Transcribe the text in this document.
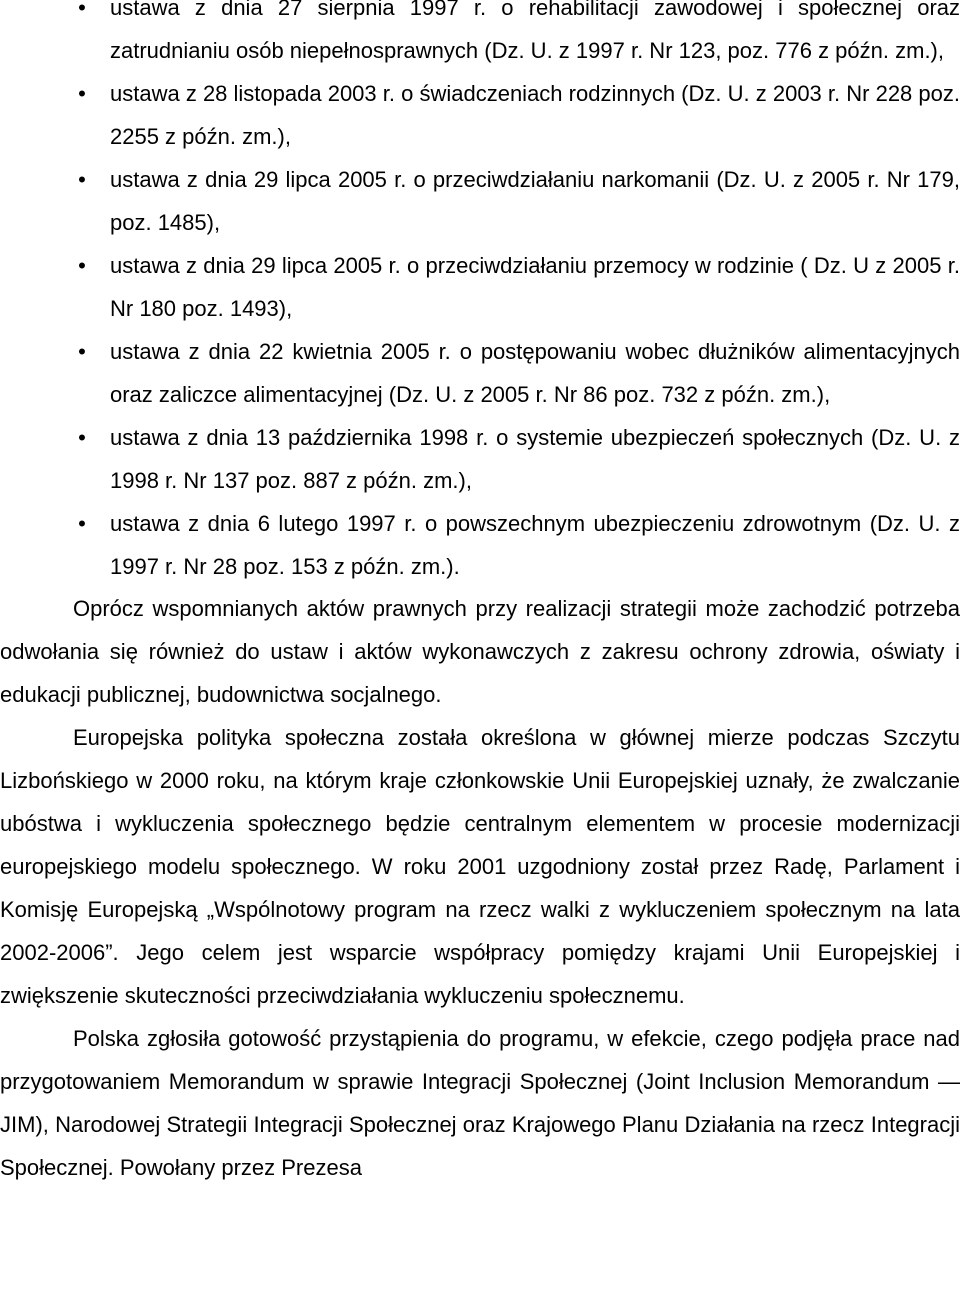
• ustawa z dnia 27 sierpnia 1997 r. o rehabilitacji zawodowej i społecznej oraz zatrudnianiu osób niepełnosprawnych (Dz. U. z 1997 r. Nr 123, poz. 776 z późn. zm.),
• ustawa z 28 listopada 2003 r. o świadczeniach rodzinnych (Dz. U. z 2003 r. Nr 228 poz. 2255 z późn. zm.),
• ustawa z dnia 29 lipca 2005 r. o przeciwdziałaniu narkomanii (Dz. U. z 2005 r. Nr 179, poz. 1485),
• ustawa z dnia 29 lipca 2005 r. o przeciwdziałaniu przemocy w rodzinie ( Dz. U z 2005 r. Nr 180 poz. 1493),
• ustawa z dnia 22 kwietnia 2005 r. o postępowaniu wobec dłużników alimentacyjnych oraz zaliczce alimentacyjnej (Dz. U. z 2005 r. Nr 86 poz. 732 z późn. zm.),
• ustawa z dnia 13 października 1998 r. o systemie ubezpieczeń społecznych (Dz. U. z 1998 r. Nr 137 poz. 887 z późn. zm.),
• ustawa z dnia 6 lutego 1997 r. o powszechnym ubezpieczeniu zdrowotnym (Dz. U. z 1997 r. Nr 28 poz. 153 z późn. zm.).

Oprócz wspomnianych aktów prawnych przy realizacji strategii może zachodzić potrzeba odwołania się również do ustaw i aktów wykonawczych z zakresu ochrony zdrowia, oświaty i edukacji publicznej, budownictwa socjalnego.

Europejska polityka społeczna została określona w głównej mierze podczas Szczytu Lizbońskiego w 2000 roku, na którym kraje członkowskie Unii Europejskiej uznały, że zwalczanie ubóstwa i wykluczenia społecznego będzie centralnym elementem w procesie modernizacji europejskiego modelu społecznego. W roku 2001 uzgodniony został przez Radę, Parlament i Komisję Europejską „Wspólnotowy program na rzecz walki z wykluczeniem społecznym na lata 2002-2006”. Jego celem jest wsparcie współpracy pomiędzy krajami Unii Europejskiej i zwiększenie skuteczności przeciwdziałania wykluczeniu społecznemu.

Polska zgłosiła gotowość przystąpienia do programu, w efekcie, czego podjęła prace nad przygotowaniem Memorandum w sprawie Integracji Społecznej (Joint Inclusion Memorandum — JIM), Narodowej Strategii Integracji Społecznej oraz Krajowego Planu Działania na rzecz Integracji Społecznej. Powołany przez Prezesa
